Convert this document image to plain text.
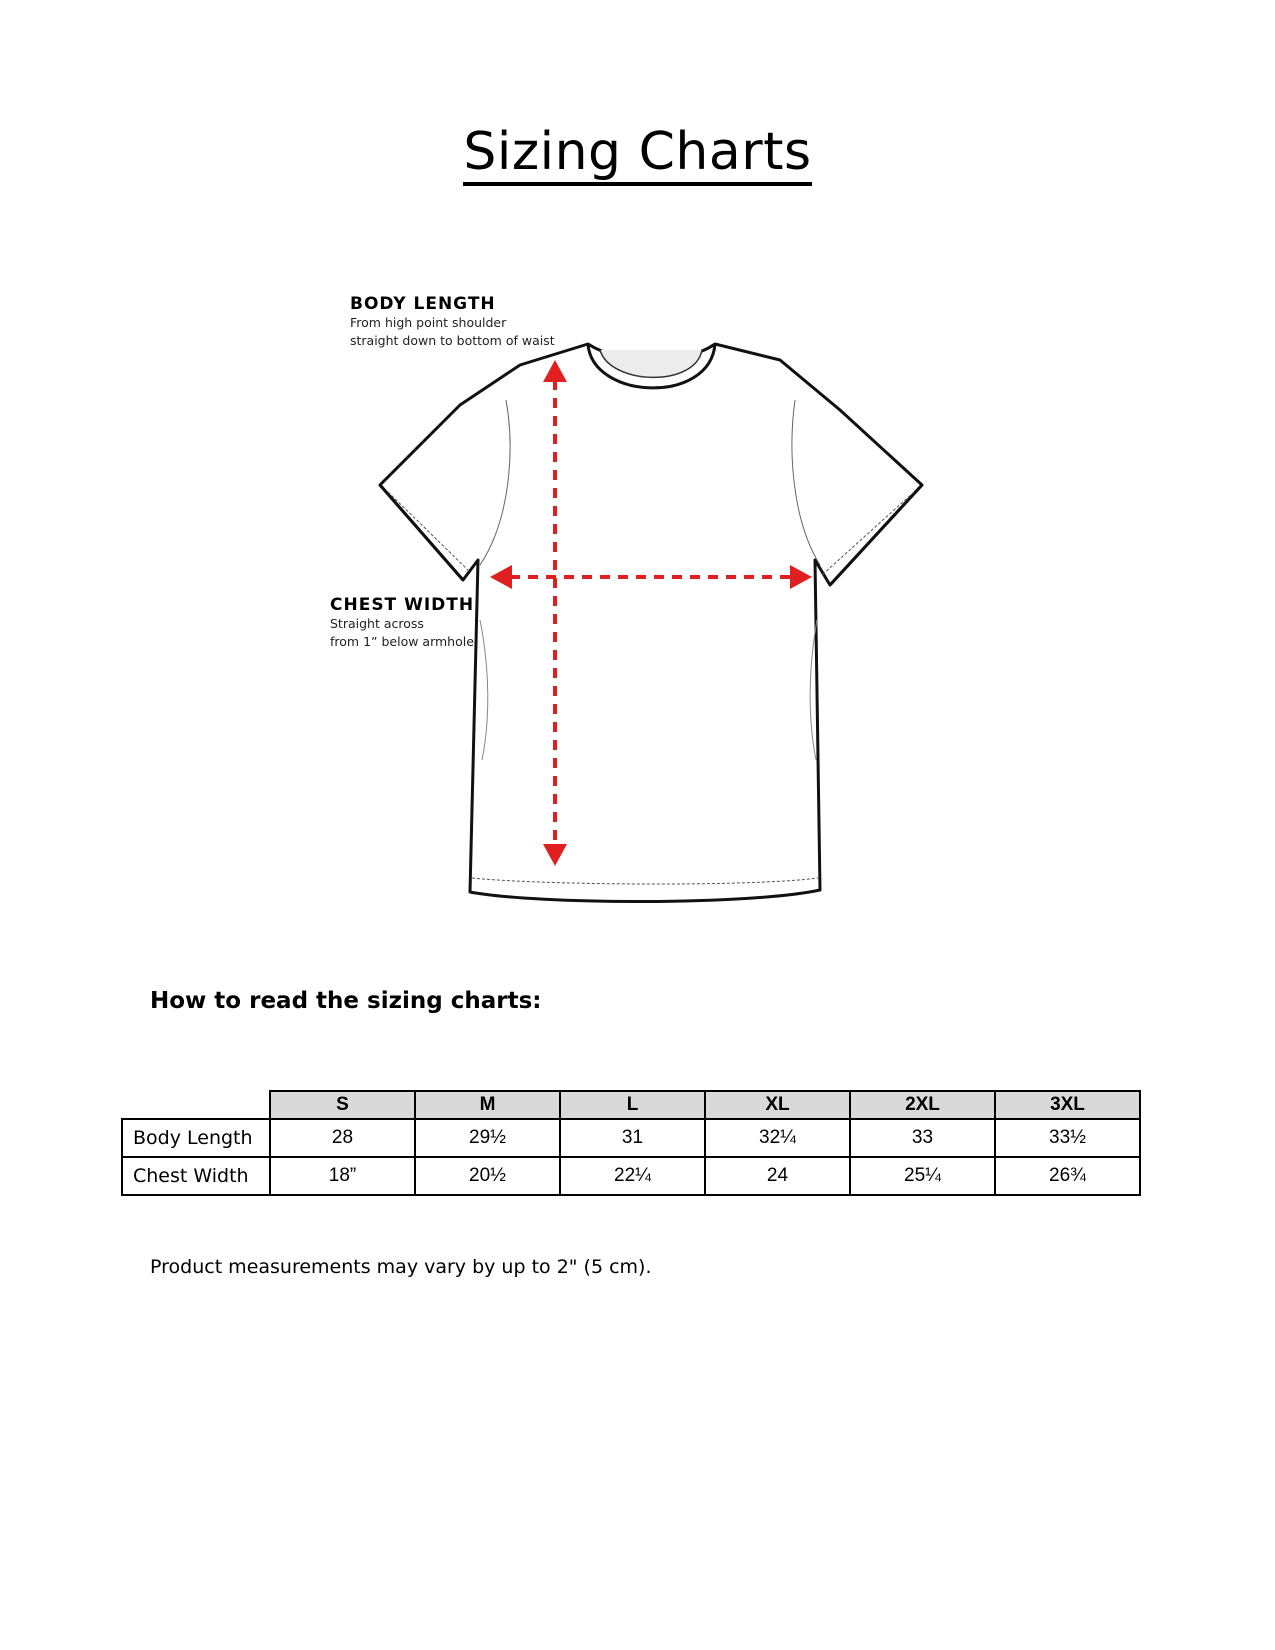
Sizing Charts
BODY LENGTH
From high point shoulder
straight down to bottom of waist
CHEST WIDTH
Straight across
from 1” below armhole
How to read the sizing charts:
	S	M	L	XL	2XL	3XL
Body Length	28	29½	31	32¼	33	33½
Chest Width	18”	20½	22¼	24	25¼	26¾
Product measurements may vary by up to 2" (5 cm).
